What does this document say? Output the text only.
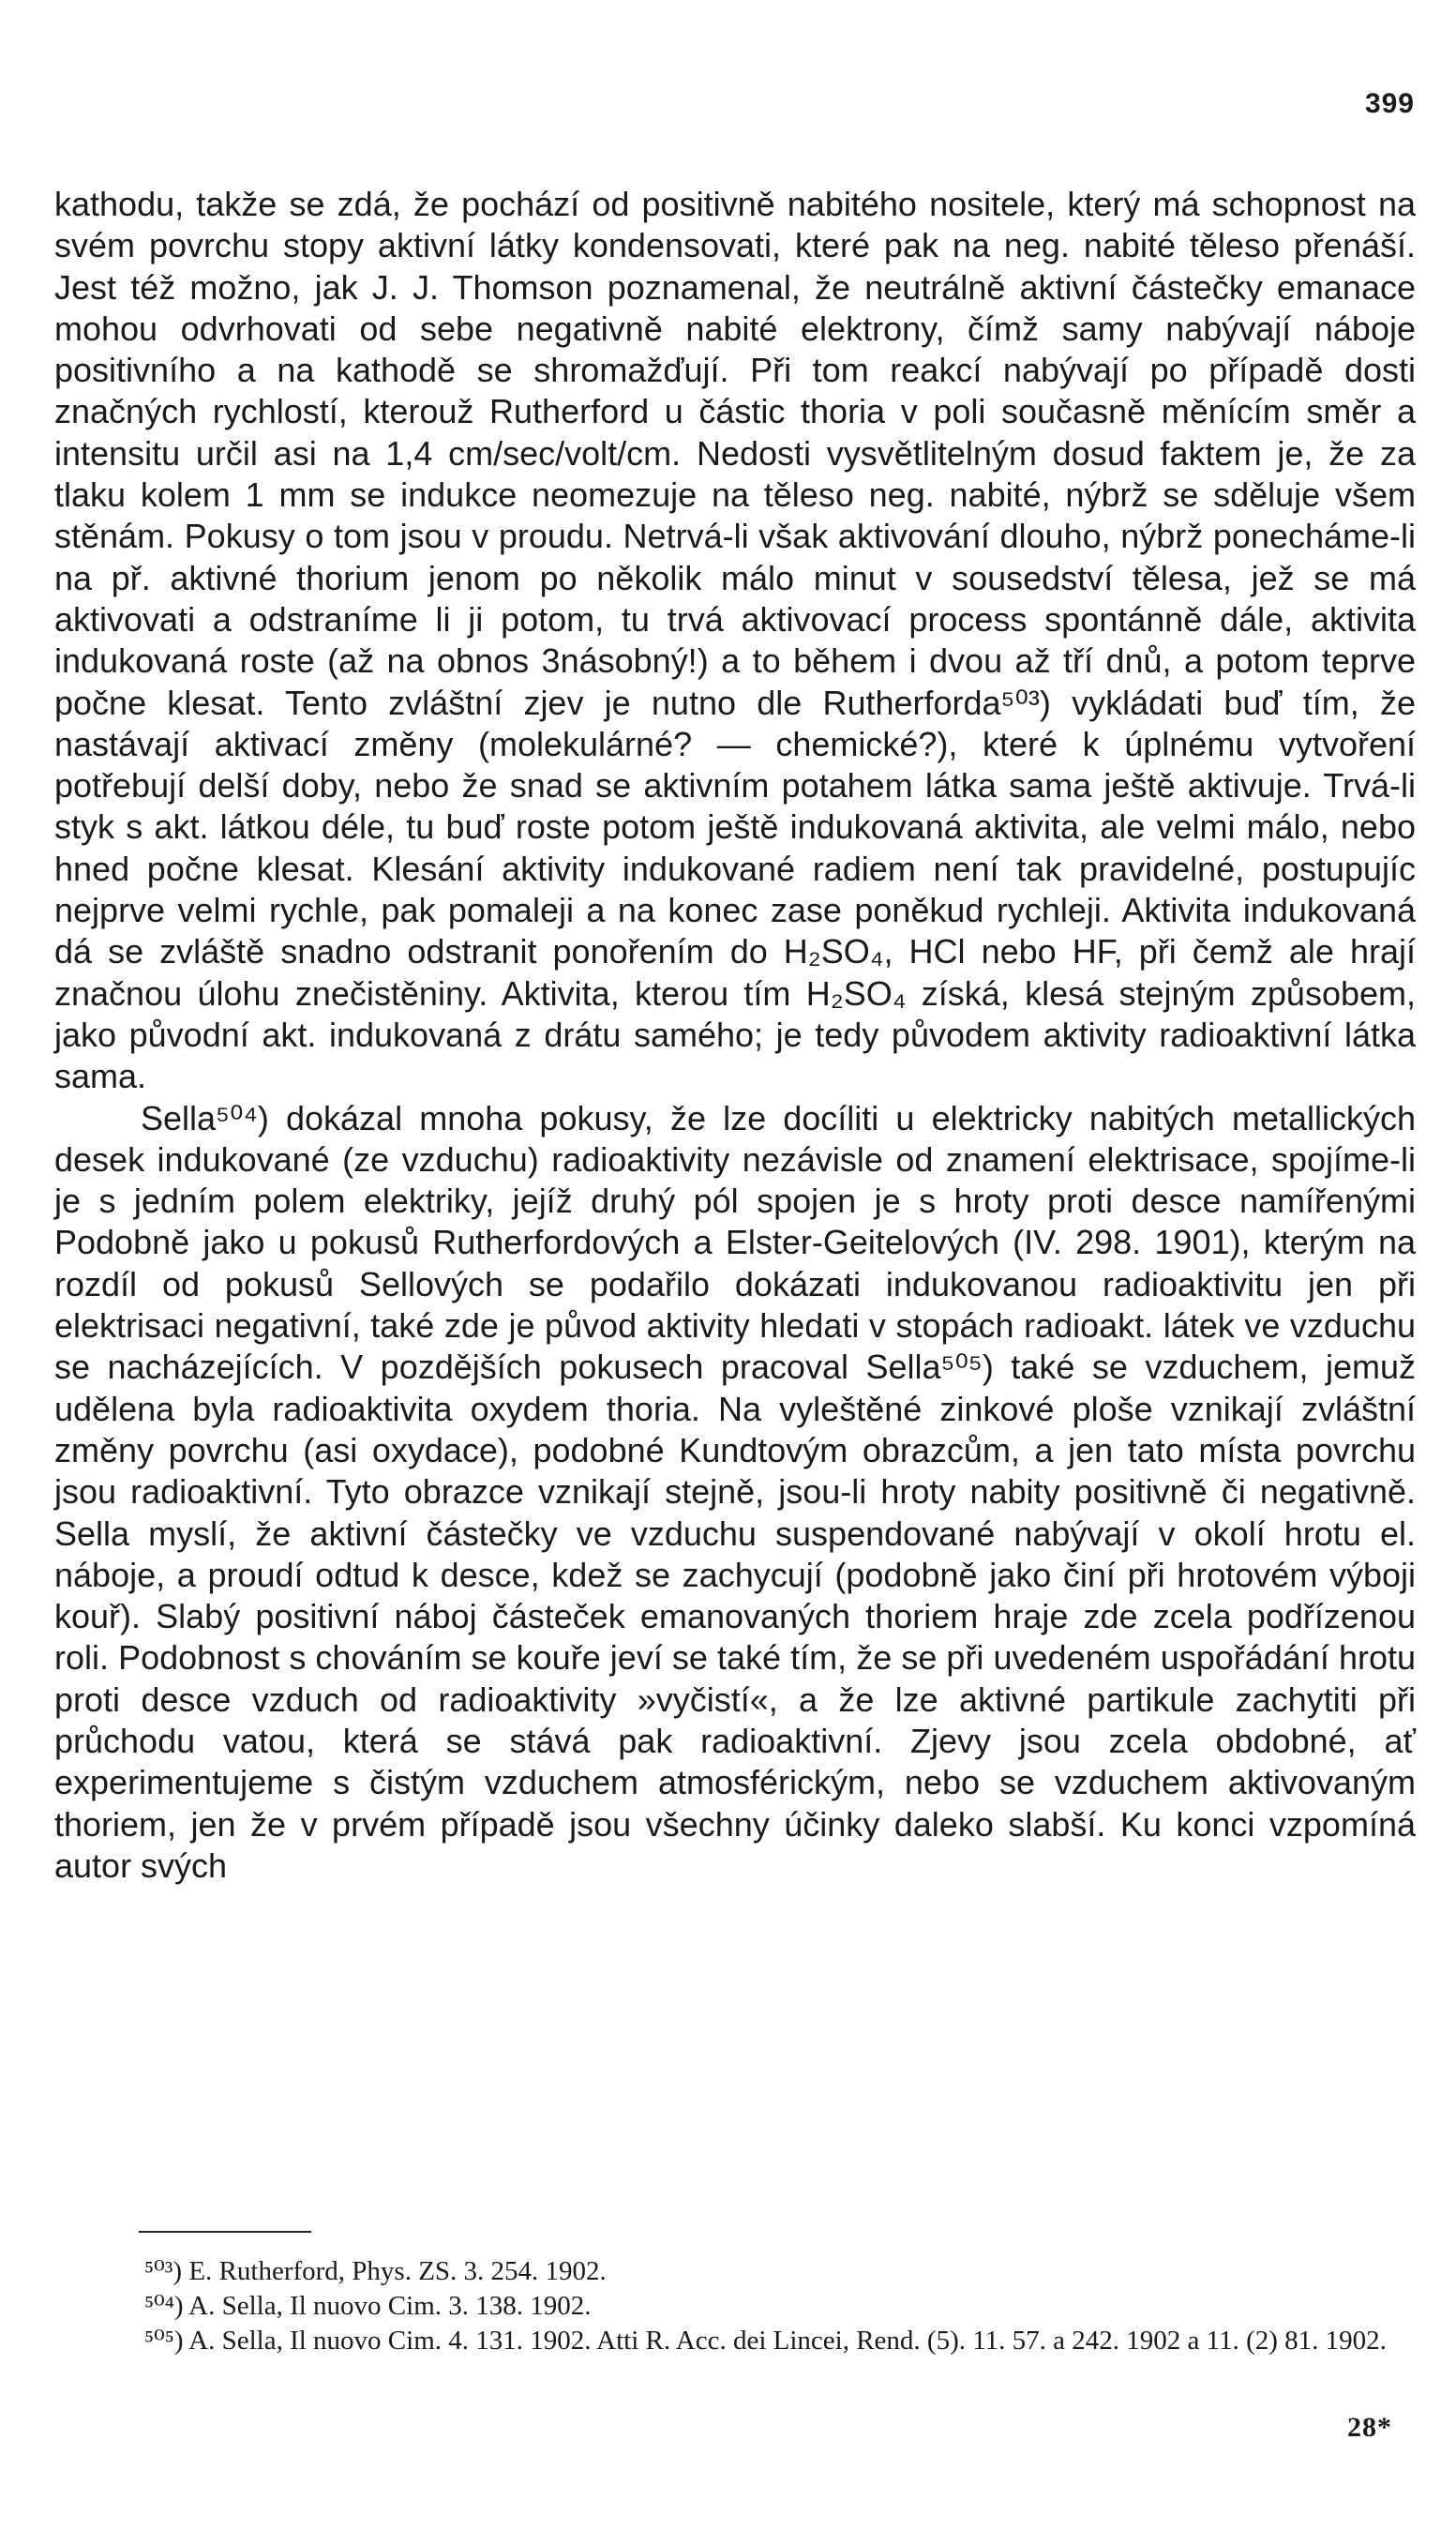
399

kathodu, takže se zdá, že pochází od positivně nabitého nositele, který má schopnost na svém povrchu stopy aktivní látky kondensovati, které pak na neg. nabité těleso přenáší. Jest též možno, jak J. J. Thomson poznamenal, že neutrálně aktivní částečky emanace mohou odvrhovati od sebe negativně nabité elektrony, čímž samy nabývají náboje positivního a na kathodě se shromažďují. Při tom reakcí nabývají po případě dosti značných rychlostí, kterouž Rutherford u částic thoria v poli současně měnícím směr a intensitu určil asi na 1,4 cm/sec/volt/cm. Nedosti vysvětlitelným dosud faktem je, že za tlaku kolem 1 mm se indukce neomezuje na těleso neg. nabité, nýbrž se sděluje všem stěnám. Pokusy o tom jsou v proudu. Netrvá-li však aktivování dlouho, nýbrž ponecháme-li na př. aktivné thorium jenom po několik málo minut v sousedství tělesa, jež se má aktivovati a odstraníme li ji potom, tu trvá aktivovací process spontánně dále, aktivita indukovaná roste (až na obnos 3násobný!) a to během i dvou až tří dnů, a potom teprve počne klesat. Tento zvláštní zjev je nutno dle Rutherforda⁵⁰³) vykládati buď tím, že nastávají aktivací změny (molekulárné? — chemické?), které k úplnému vytvoření potřebují delší doby, nebo že snad se aktivním potahem látka sama ještě aktivuje. Trvá-li styk s akt. látkou déle, tu buď roste potom ještě indukovaná aktivita, ale velmi málo, nebo hned počne klesat. Klesání aktivity indukované radiem není tak pravidelné, postupujíc nejprve velmi rychle, pak pomaleji a na konec zase poněkud rychleji. Aktivita indukovaná dá se zvláště snadno odstranit ponořením do H₂SO₄, HCl nebo HF, při čemž ale hrají značnou úlohu znečistěniny. Aktivita, kterou tím H₂SO₄ získá, klesá stejným způsobem, jako původní akt. indukovaná z drátu samého; je tedy původem aktivity radioaktivní látka sama.

Sella⁵⁰⁴) dokázal mnoha pokusy, že lze docíliti u elektricky nabitých metallických desek indukované (ze vzduchu) radioaktivity nezávisle od znamení elektrisace, spojíme-li je s jedním polem elektriky, jejíž druhý pól spojen je s hroty proti desce namířenými Podobně jako u pokusů Rutherfordových a Elster-Geitelových (IV. 298. 1901), kterým na rozdíl od pokusů Sellových se podařilo dokázati indukovanou radioaktivitu jen při elektrisaci negativní, také zde je původ aktivity hledati v stopách radioakt. látek ve vzduchu se nacházejících. V pozdějších pokusech pracoval Sella⁵⁰⁵) také se vzduchem, jemuž udělena byla radioaktivita oxydem thoria. Na vyleštěné zinkové ploše vznikají zvláštní změny povrchu (asi oxydace), podobné Kundtovým obrazcům, a jen tato místa povrchu jsou radioaktivní. Tyto obrazce vznikají stejně, jsou-li hroty nabity positivně či negativně. Sella myslí, že aktivní částečky ve vzduchu suspendované nabývají v okolí hrotu el. náboje, a proudí odtud k desce, kdež se zachycují (podobně jako činí při hrotovém výboji kouř). Slabý positivní náboj částeček emanovaných thoriem hraje zde zcela podřízenou roli. Podobnost s chováním se kouře jeví se také tím, že se při uvedeném uspořádání hrotu proti desce vzduch od radioaktivity »vyčistí«, a že lze aktivné partikule zachytiti při průchodu vatou, která se stává pak radioaktivní. Zjevy jsou zcela obdobné, ať experimentujeme s čistým vzduchem atmosférickým, nebo se vzduchem aktivovaným thoriem, jen že v prvém případě jsou všechny účinky daleko slabší. Ku konci vzpomíná autor svých

⁵⁰³) E. Rutherford, Phys. ZS. 3. 254. 1902.

⁵⁰⁴) A. Sella, Il nuovo Cim. 3. 138. 1902.

⁵⁰⁵) A. Sella, Il nuovo Cim. 4. 131. 1902. Atti R. Acc. dei Lincei, Rend. (5). 11. 57. a 242. 1902 a 11. (2) 81. 1902.

28*
